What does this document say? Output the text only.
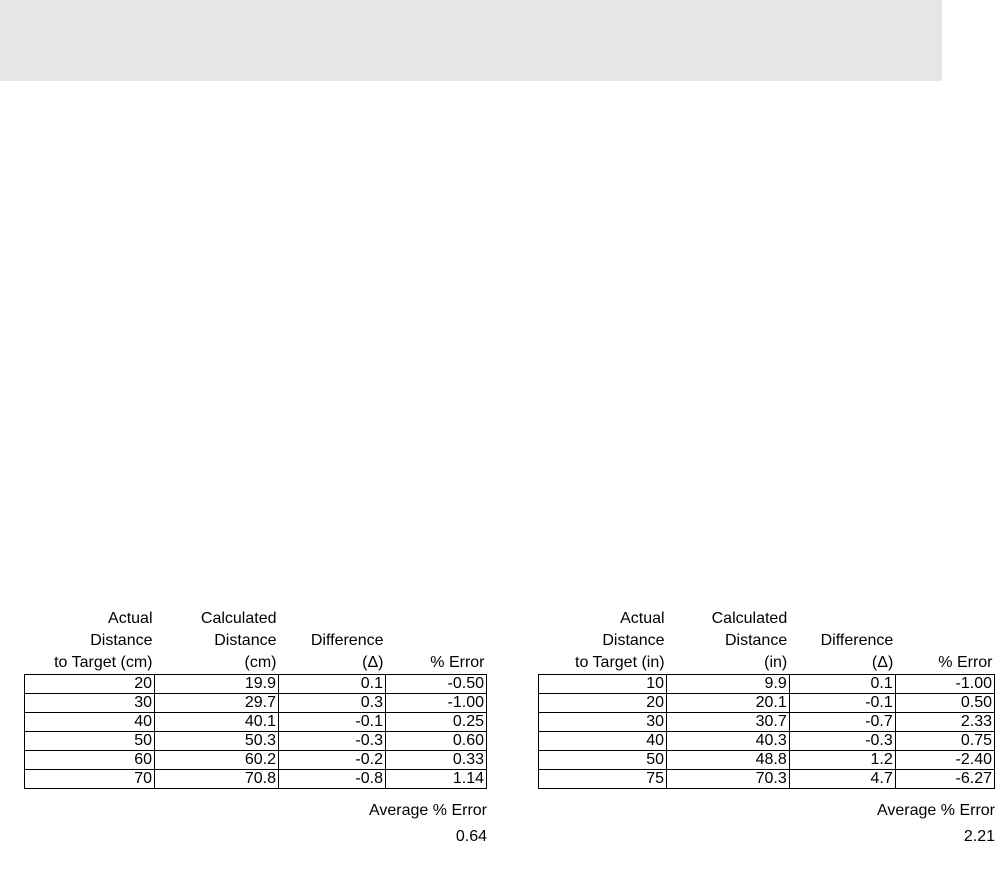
Actual	Calculated		
Distance	Distance	Difference	
to Target (cm)	(cm)	(Δ)	% Error
20	19.9	0.1	-0.50
30	29.7	0.3	-1.00
40	40.1	-0.1	0.25
50	50.3	-0.3	0.60
60	60.2	-0.2	0.33
70	70.8	-0.8	1.14
Average % Error
0.64
Actual	Calculated		
Distance	Distance	Difference	
to Target (in)	(in)	(Δ)	% Error
10	9.9	0.1	-1.00
20	20.1	-0.1	0.50
30	30.7	-0.7	2.33
40	40.3	-0.3	0.75
50	48.8	1.2	-2.40
75	70.3	4.7	-6.27
Average % Error
2.21
